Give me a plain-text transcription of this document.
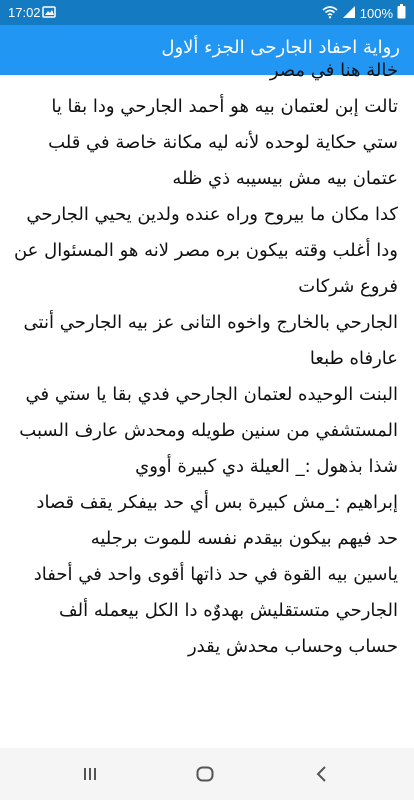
17:02	100%
رواية احفاد الجارحى الجزء ألاول

خالة هنا في مصر

تالت إبن لعتمان بيه هو أحمد الجارحي ودا بقا يا ستي حكاية لوحده لأنه ليه مكانة خاصة في قلب عتمان بيه مش بيسيبه ذي ظله

كدا مكان ما بيروح وراه عنده ولدين يحيي الجارحي ودا أغلب وقته بيكون بره مصر لانه هو المسئوال عن فروع شركات

الجارحي بالخارج واخوه التانى عز بيه الجارحي أنتى عارفاه طبعا

البنت الوحيده لعتمان الجارحي فدي بقا يا ستي في المستشفي من سنين طويله ومحدش عارف السبب

شذا بذهول :_ العيلة دي كبيرة أووي

إبراهيم :_مش كبيرة بس أي حد بيفكر يقف قصاد حد فيهم بيكون بيقدم نفسه للموت برجليه

ياسين بيه القوة في حد ذاتها أقوى واحد في أحفاد الجارحي متستقليش بهدوٌه دا الكل بيعمله ألف حساب وحساب محدش يقدر
